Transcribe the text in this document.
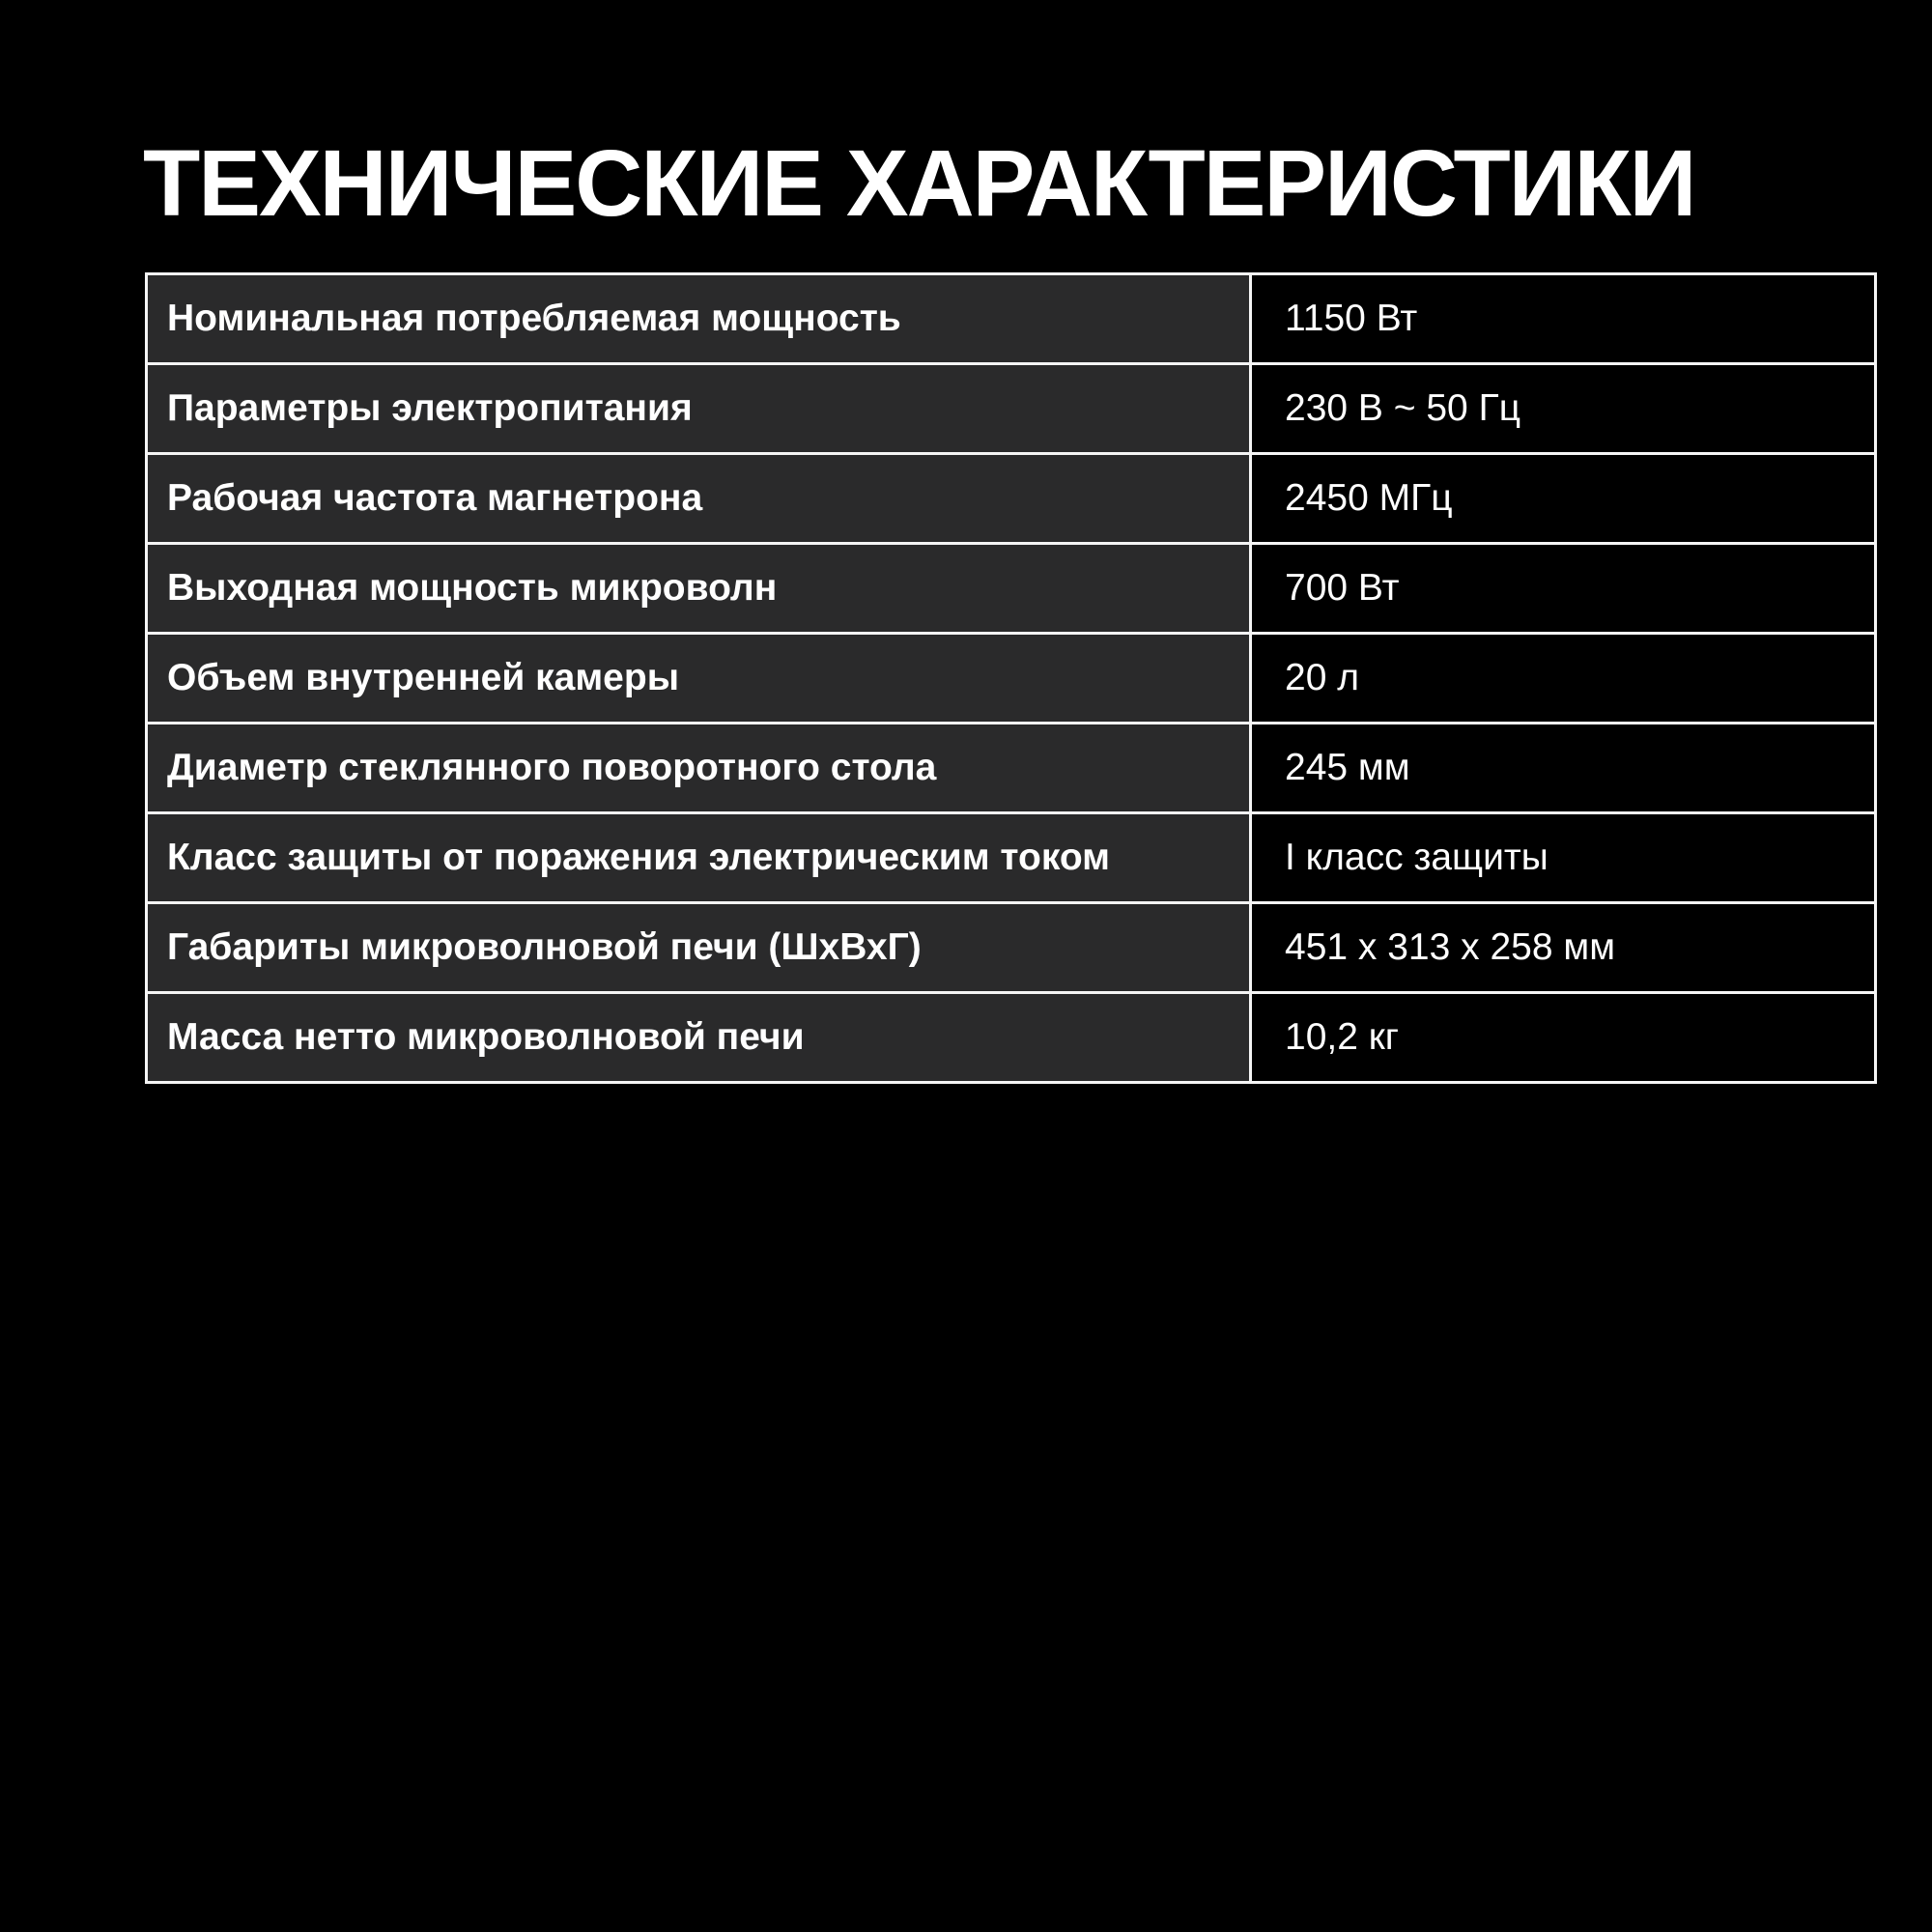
ТЕХНИЧЕСКИЕ ХАРАКТЕРИСТИКИ
Номинальная потребляемая мощность	1150 Вт
Параметры электропитания	230 В ~ 50 Гц
Рабочая частота магнетрона	2450 МГц
Выходная мощность микроволн	700 Вт
Объем внутренней камеры	20 л
Диаметр стеклянного поворотного стола	245 мм
Класс защиты от поражения электрическим током	I класс защиты
Габариты микроволновой печи (ШхВхГ)	451 х 313 х 258 мм
Масса нетто микроволновой печи	10,2 кг
